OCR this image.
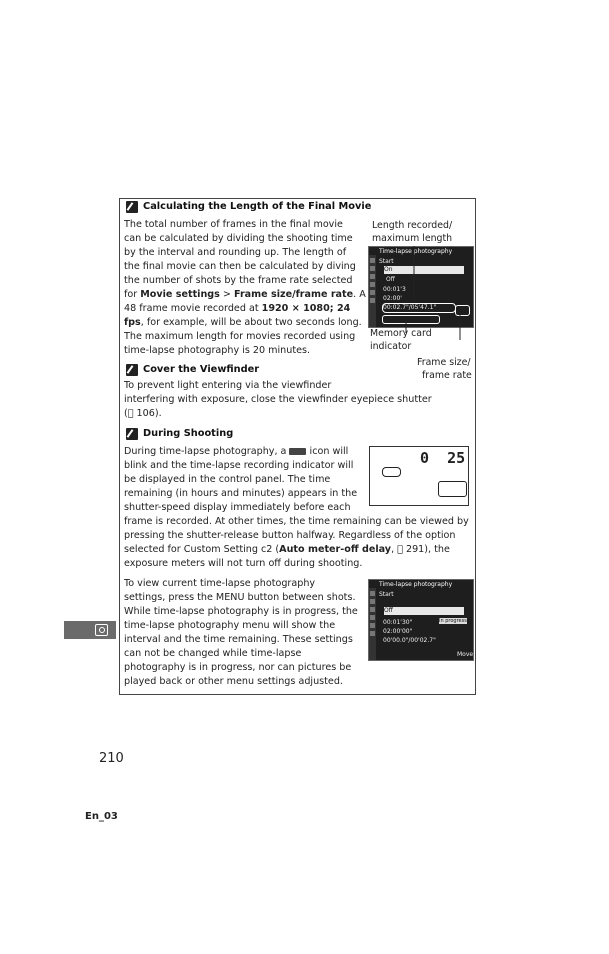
Calculating the Length of the Final Movie
The total number of frames in the final movie
can be calculated by dividing the shooting time
by the interval and rounding up. The length of
the final movie can then be calculated by diving
the number of shots by the frame rate selected
for Movie settings > Frame size/frame rate. A
48 frame movie recorded at 1920 × 1080; 24
fps, for example, will be about two seconds long.
The maximum length for movies recorded using
time-lapse photography is 20 minutes.
Length recorded/
maximum length
Time-lapse photography
Start
On
Off
00:01'3
02:00'
00:02.7"/05'47.1"
Memory card
indicator
Frame size/
frame rate
Cover the Viewfinder
To prevent light entering via the viewfinder
interfering with exposure, close the viewfinder eyepiece shutter
(  106).
During Shooting
During time-lapse photography, a  icon will
blink and the time-lapse recording indicator will
be displayed in the control panel. The time
remaining (in hours and minutes) appears in the
shutter-speed display immediately before each
frame is recorded. At other times, the time remaining can be viewed by
pressing the shutter-release button halfway. Regardless of the option
selected for Custom Setting c2 (Auto meter-off delay,   291), the
exposure meters will not turn off during shooting.
0  25
To view current time-lapse photography
settings, press the MENU button between shots.
While time-lapse photography is in progress, the
time-lapse photography menu will show the
interval and the time remaining. These settings
can not be changed while time-lapse
photography is in progress, nor can pictures be
played back or other menu settings adjusted.
Time-lapse photography
Start
Off
In progress
00:01'30"
02:00'00"
00'00.0"/00'02.7"
Move
210
En_03
